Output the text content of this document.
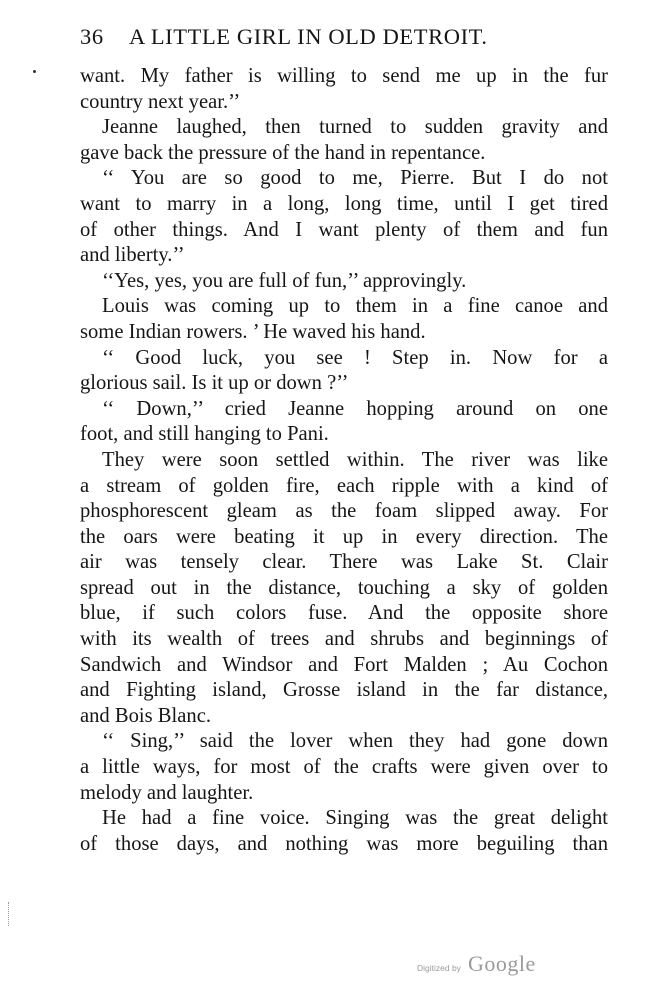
36 A LITTLE GIRL IN OLD DETROIT.
want. My father is willing to send me up in the fur
country next year.’’
Jeanne laughed, then turned to sudden gravity and
gave back the pressure of the hand in repentance.
‘‘ You are so good to me, Pierre. But I do not
want to marry in a long, long time, until I get tired
of other things. And I want plenty of them and fun
and liberty.’’
‘‘Yes, yes, you are full of fun,’’ approvingly.
Louis was coming up to them in a fine canoe and
some Indian rowers. ’ He waved his hand.
‘‘ Good luck, you see ! Step in. Now for a
glorious sail. Is it up or down ?’’
‘‘ Down,’’ cried Jeanne hopping around on one
foot, and still hanging to Pani.
They were soon settled within. The river was like
a stream of golden fire, each ripple with a kind of
phosphorescent gleam as the foam slipped away. For
the oars were beating it up in every direction. The
air was tensely clear. There was Lake St. Clair
spread out in the distance, touching a sky of golden
blue, if such colors fuse. And the opposite shore
with its wealth of trees and shrubs and beginnings of
Sandwich and Windsor and Fort Malden ; Au Cochon
and Fighting island, Grosse island in the far distance,
and Bois Blanc.
‘‘ Sing,’’ said the lover when they had gone down
a little ways, for most of the crafts were given over to
melody and laughter.
He had a fine voice. Singing was the great delight
of those days, and nothing was more beguiling than
Digitized by Google
